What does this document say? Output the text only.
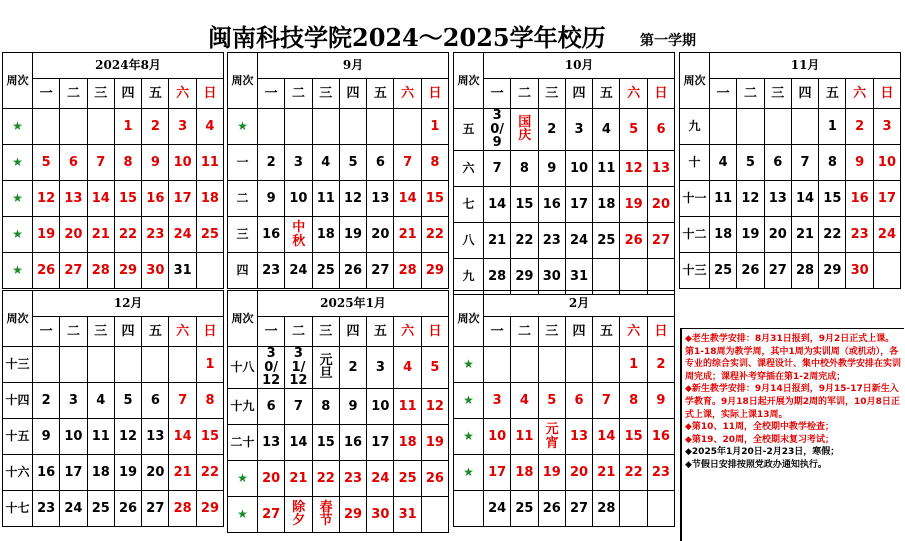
闽南科技学院2024～2025学年校历 第一学期
周次	2024年8月						
	一	二	三	四	五	六	日
★				1	2	3	4
★	5	6	7	8	9	10	11
★	12	13	14	15	16	17	18
★	19	20	21	22	23	24	25
★	26	27	28	29	30	31	
周次	9月						
	一	二	三	四	五	六	日
★							1
一	2	3	4	5	6	7	8
二	9	10	11	12	13	14	15
三	16	中秋	18	19	20	21	22
四	23	24	25	26	27	28	29
周次	10月						
	一	二	三	四	五	六	日
五	30/9	国庆	2	3	4	5	6
六	7	8	9	10	11	12	13
七	14	15	16	17	18	19	20
八	21	22	23	24	25	26	27
九	28	29	30	31			
周次	11月						
	一	二	三	四	五	六	日
九					1	2	3
十	4	5	6	7	8	9	10
十一	11	12	13	14	15	16	17
十二	18	19	20	21	22	23	24
十三	25	26	27	28	29	30	
周次	12月						
	一	二	三	四	五	六	日
十三							1
十四	2	3	4	5	6	7	8
十五	9	10	11	12	13	14	15
十六	16	17	18	19	20	21	22
十七	23	24	25	26	27	28	29
周次	2025年1月						
	一	二	三	四	五	六	日
十八	30/12	31/12	元旦	2	3	4	5
十九	6	7	8	9	10	11	12
二十	13	14	15	16	17	18	19
★	20	21	22	23	24	25	26
★	27	除夕	春节	29	30	31	
周次	2月						
	一	二	三	四	五	六	日
★						1	2
★	3	4	5	6	7	8	9
★	10	11	元宵	13	14	15	16
★	17	18	19	20	21	22	23
	24	25	26	27	28		
◆老生教学安排：8月31日报到，9月2日正式上课。第1-18周为教学周，其中1周为实训周（或机动），各专业的综合实训、课程设计、集中校外教学安排在实训周完成；课程补考穿插在第1-2周完成；
◆新生教学安排：9月14日报到，9月15-17日新生入学教育。9月18日起开展为期2周的军训，10月8日正式上课，实际上课13周。
◆第10、11周，全校期中教学检查；
◆第19、20周，全校期末复习考试；
◆2025年1月20日-2月23日，寒假；
◆节假日安排按照党政办通知执行。
